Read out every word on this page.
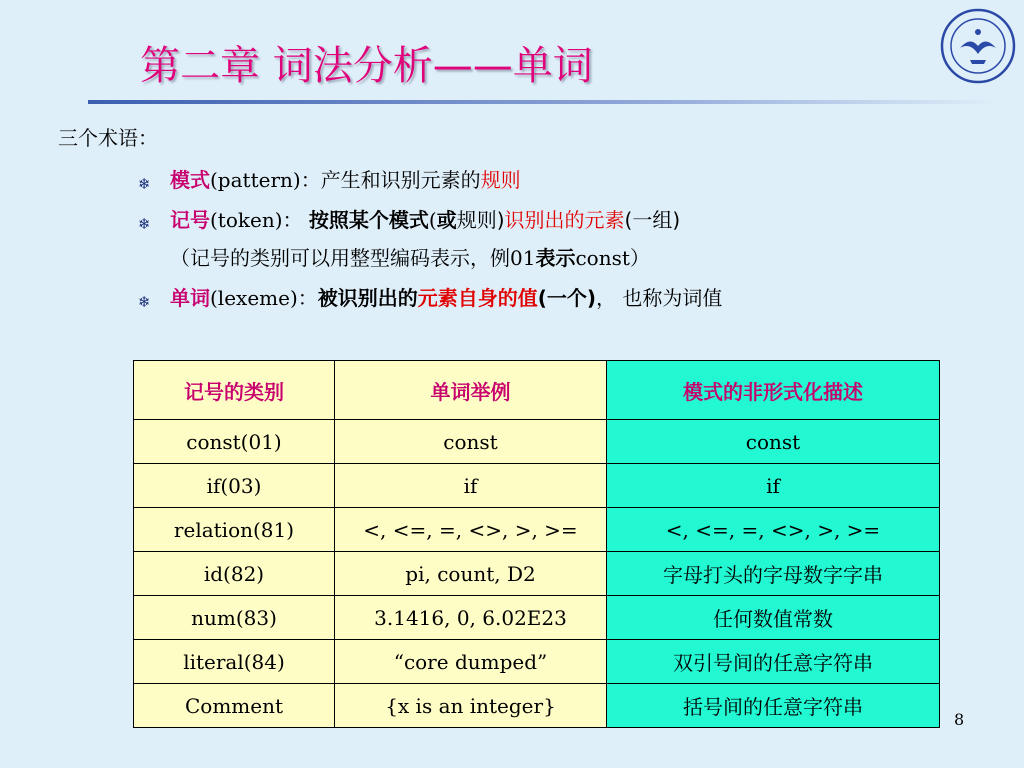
第二章 词法分析——单词
三个术语：
❄ 模式(pattern)：产生和识别元素的规则
❄ 记号(token)： 按照某个模式(或规则)识别出的元素(一组)
（记号的类别可以用整型编码表示，例01表示const）
❄ 单词(lexeme)：被识别出的元素自身的值(一个)， 也称为词值
记号的类别	单词举例	模式的非形式化描述
const(01)	const	const
if(03)	if	if
relation(81)	<, <=, =, <>, >, >=	<, <=, =, <>, >, >=
id(82)	pi, count, D2	字母打头的字母数字字串
num(83)	3.1416, 0, 6.02E23	任何数值常数
literal(84)	“core dumped”	双引号间的任意字符串
Comment	{x is an integer}	括号间的任意字符串
8
